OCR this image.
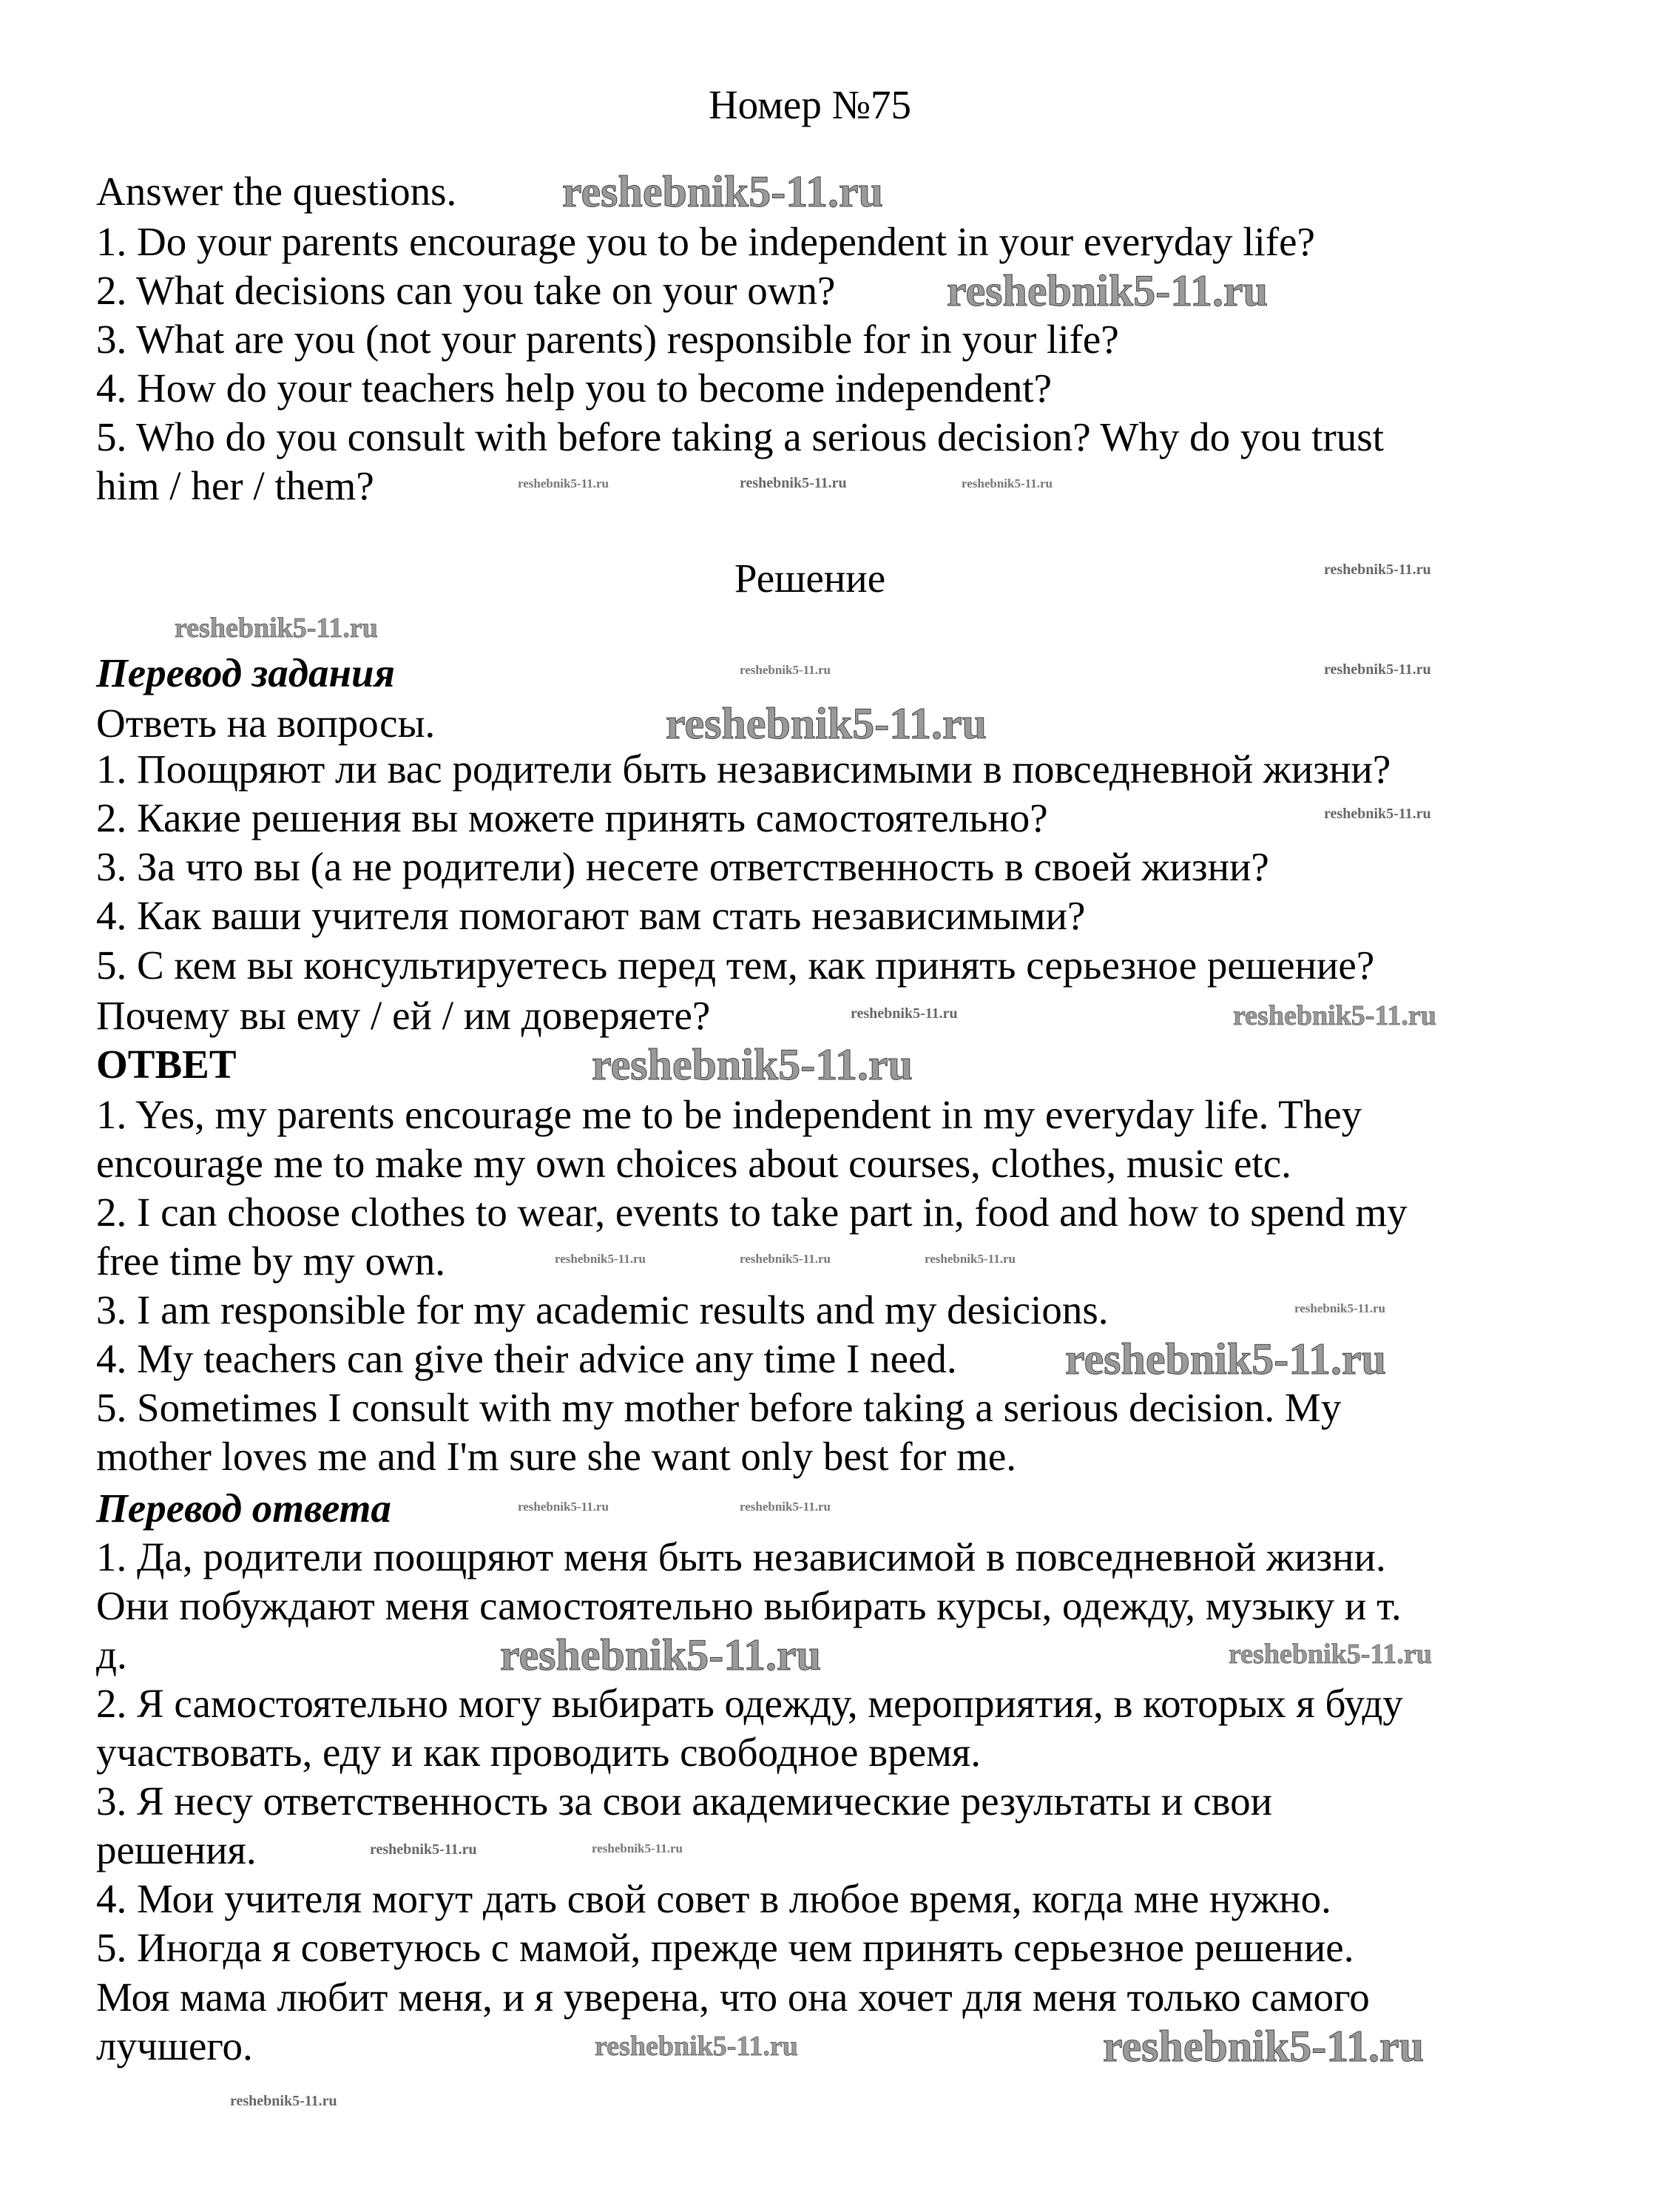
Номер №75
Answer the questions.
1. Do your parents encourage you to be independent in your everyday life?
2. What decisions can you take on your own?
3. What are you (not your parents) responsible for in your life?
4. How do your teachers help you to become independent?
5. Who do you consult with before taking a serious decision? Why do you trust
him / her / them?
Решение
Перевод задания
Ответь на вопросы.
1. Поощряют ли вас родители быть независимыми в повседневной жизни?
2. Какие решения вы можете принять самостоятельно?
3. За что вы (а не родители) несете ответственность в своей жизни?
4. Как ваши учителя помогают вам стать независимыми?
5. С кем вы консультируетесь перед тем, как принять серьезное решение?
Почему вы ему / ей / им доверяете?
ОТВЕТ
1. Yes, my parents encourage me to be independent in my everyday life. They
encourage me to make my own choices about courses, clothes, music etc.
2. I can choose clothes to wear, events to take part in, food and how to spend my
free time by my own.
3. I am responsible for my academic results and my desicions.
4. My teachers can give their advice any time I need.
5. Sometimes I consult with my mother before taking a serious decision. My
mother loves me and I'm sure she want only best for me.
Перевод ответа
1. Да, родители поощряют меня быть независимой в повседневной жизни.
Они побуждают меня самостоятельно выбирать курсы, одежду, музыку и т.
д.
2. Я самостоятельно могу выбирать одежду, мероприятия, в которых я буду
участвовать, еду и как проводить свободное время.
3. Я несу ответственность за свои академические результаты и свои
решения.
4. Мои учителя могут дать свой совет в любое время, когда мне нужно.
5. Иногда я советуюсь с мамой, прежде чем принять серьезное решение.
Моя мама любит меня, и я уверена, что она хочет для меня только самого
лучшего.
reshebnik5-11.ru
reshebnik5-11.ru
reshebnik5-11.ru
reshebnik5-11.ru
reshebnik5-11.ru
reshebnik5-11.ru
reshebnik5-11.ru
reshebnik5-11.ru
reshebnik5-11.ru
reshebnik5-11.ru
reshebnik5-11.ru
reshebnik5-11.ru
reshebnik5-11.ru
reshebnik5-11.ru
reshebnik5-11.ru	reshebnik5-11.ru	reshebnik5-11.ru
reshebnik5-11.ru
reshebnik5-11.ru
reshebnik5-11.ru	reshebnik5-11.ru	reshebnik5-11.ru
reshebnik5-11.ru
reshebnik5-11.ru	reshebnik5-11.ru
reshebnik5-11.ru	reshebnik5-11.ru
reshebnik5-11.ru
